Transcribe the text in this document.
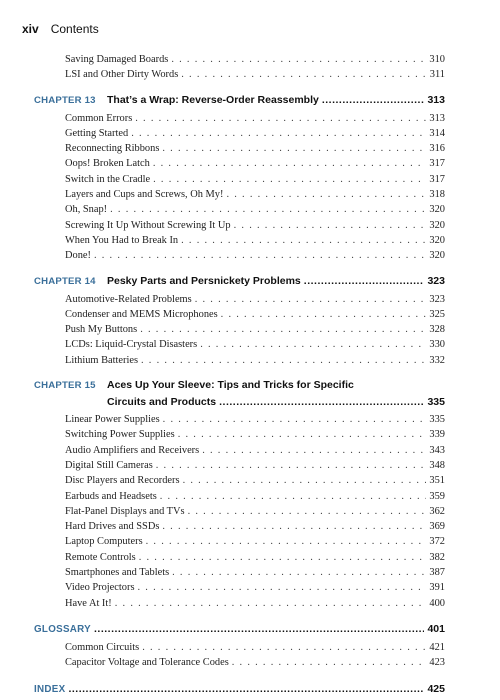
xiv Contents
Saving Damaged Boards . . .	310
LSI and Other Dirty Words . . .	311
CHAPTER 13	That’s a Wrap: Reverse-Order Reassembly .....	313
Common Errors . . .	313
Getting Started . . .	314
Reconnecting Ribbons . . .	316
Oops! Broken Latch . . .	317
Switch in the Cradle . . .	317
Layers and Cups and Screws, Oh My! . . .	318
Oh, Snap! . . .	320
Screwing It Up Without Screwing It Up . . .	320
When You Had to Break In . . .	320
Done! . . .	320
CHAPTER 14	Pesky Parts and Persnickety Problems .....	323
Automotive-Related Problems . . .	323
Condenser and MEMS Microphones . . .	325
Push My Buttons . . .	328
LCDs: Liquid-Crystal Disasters . . .	330
Lithium Batteries . . .	332
CHAPTER 15	Aces Up Your Sleeve: Tips and Tricks for Specific
Circuits and Products .....	335
Linear Power Supplies . . .	335
Switching Power Supplies . . .	339
Audio Amplifiers and Receivers . . .	343
Digital Still Cameras . . .	348
Disc Players and Recorders . . .	351
Earbuds and Headsets . . .	359
Flat-Panel Displays and TVs . . .	362
Hard Drives and SSDs . . .	369
Laptop Computers . . .	372
Remote Controls . . .	382
Smartphones and Tablets . . .	387
Video Projectors . . .	391
Have At It! . . .	400
GLOSSARY .....	401
Common Circuits . . .	421
Capacitor Voltage and Tolerance Codes . . .	423
INDEX .....	425
